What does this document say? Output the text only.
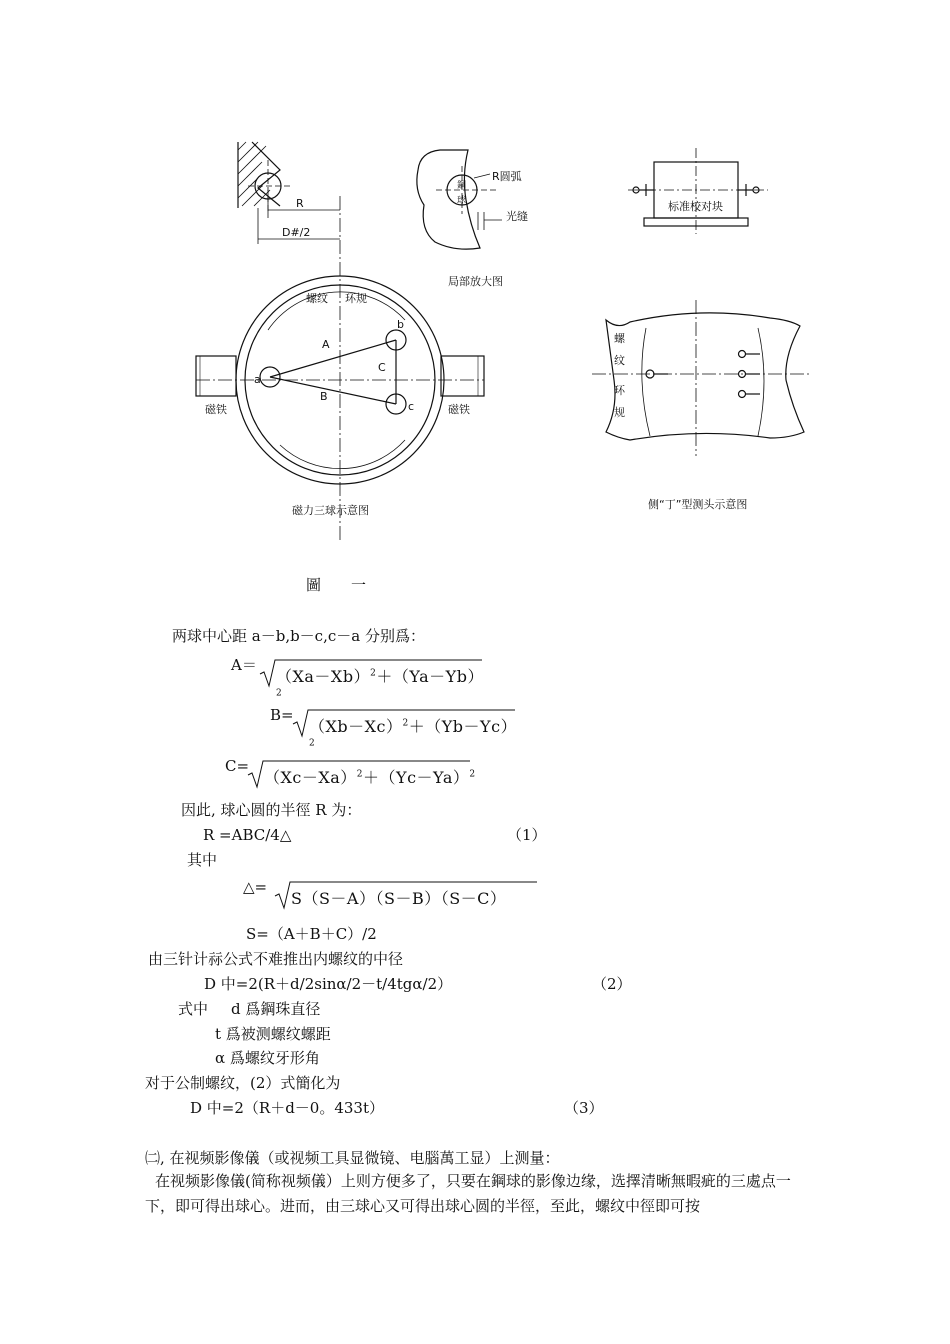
R
D#/2
R圆弧
鋼
球
光缝
局部放大图
标准校对块
螺纹 环规
A
B
C
a
b
c
磁铁	磁铁
磁力三球示意图
螺
纹
环
规
侧“丁”型测头示意图
圖　　一
两球中心距 a－b,b－c,c－a 分别爲：
A＝
$(Xa-Xb)^2+(Ya-Yb)^2$
B=
$(Xb-Xc)^2+(Yb-Yc)^2$
C=
$(Xc-Xa)^2+(Yc-Ya)^2$
因此, 球心圆的半徑 R 为：
R =ABC/4△	（1）
其中
△=
S（S－A）（S－B）（S－C）
S=（A＋B＋C）/2
由三针计祘公式不难推出内螺纹的中径
D 中=2(R＋d/2sinα/2－t/4tgα/2）	（2）
式中 d 爲鋼珠直径
t 爲被测螺纹螺距
α 爲螺纹牙形角
对于公制螺纹，(2）式簡化为
D 中=2（R＋d－0。433t）	（3）
㈡, 在视频影像儀（或视频工具显微镜、电腦萬工显）上测量：
在视频影像儀(简称视频儀）上则方便多了，只要在鋼球的影像边缘，选擇清晰無暇疵的三處点一下，即可得出球心。进而，由三球心又可得出球心圆的半徑，至此，螺纹中徑即可按
